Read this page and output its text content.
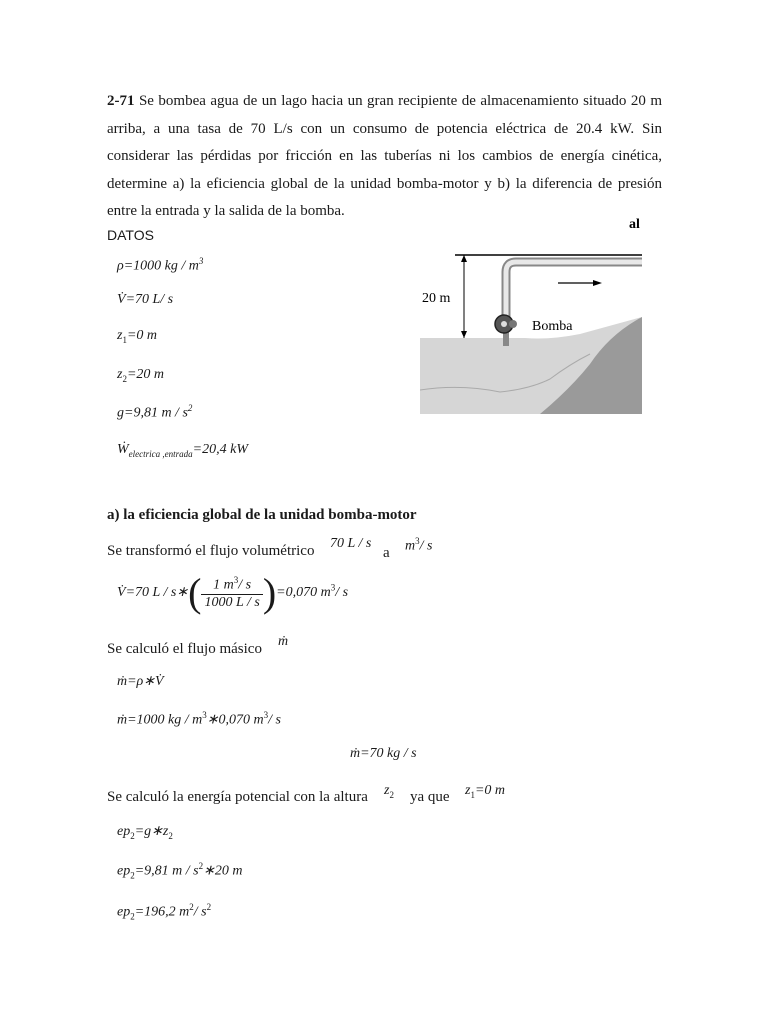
2-71 Se bombea agua de un lago hacia un gran recipiente de almacenamiento situado 20 m
arriba, a una tasa de 70 L/s con un consumo de potencia eléctrica de 20.4 kW. Sin
considerar las pérdidas por fricción en las tuberías ni los cambios de energía cinética,
determine a) la eficiencia global de la unidad bomba-motor y b) la diferencia de presión
entre la entrada y la salida de la bomba.
DATOS
ρ=1000 kg / $m^3$
V̇=70 L/ s
$z_1=0$ m
$z_2=20$ m
g=9,81 m / $s^2$
$Ẇ_{electrica ,entrada}=20,4$ kW
20 m
Bomba
al
a) la eficiencia global de la unidad bomba-motor
Se transformó el flujo volumétrico 70 L / s
a $m^3/$ s
V̇=70 L / s∗( $\frac{1 m^3/ s}{1000 L / s} )=0,070$ $m^3/$ s
Se calculó el flujo másico ṁ
ṁ=ρ∗V̇
ṁ=1000 kg / $m^3∗0,070$ $m^3/$ s
ṁ=70 kg / s
Se calculó la energía potencial con la altura $z_2$ ya que $z_1=0$ m
$ep_2=g∗z_2$
$ep_2=9,81$ m / $s^2∗20$ m
$ep_2=196,2$ $m^2/$ $s^2$
